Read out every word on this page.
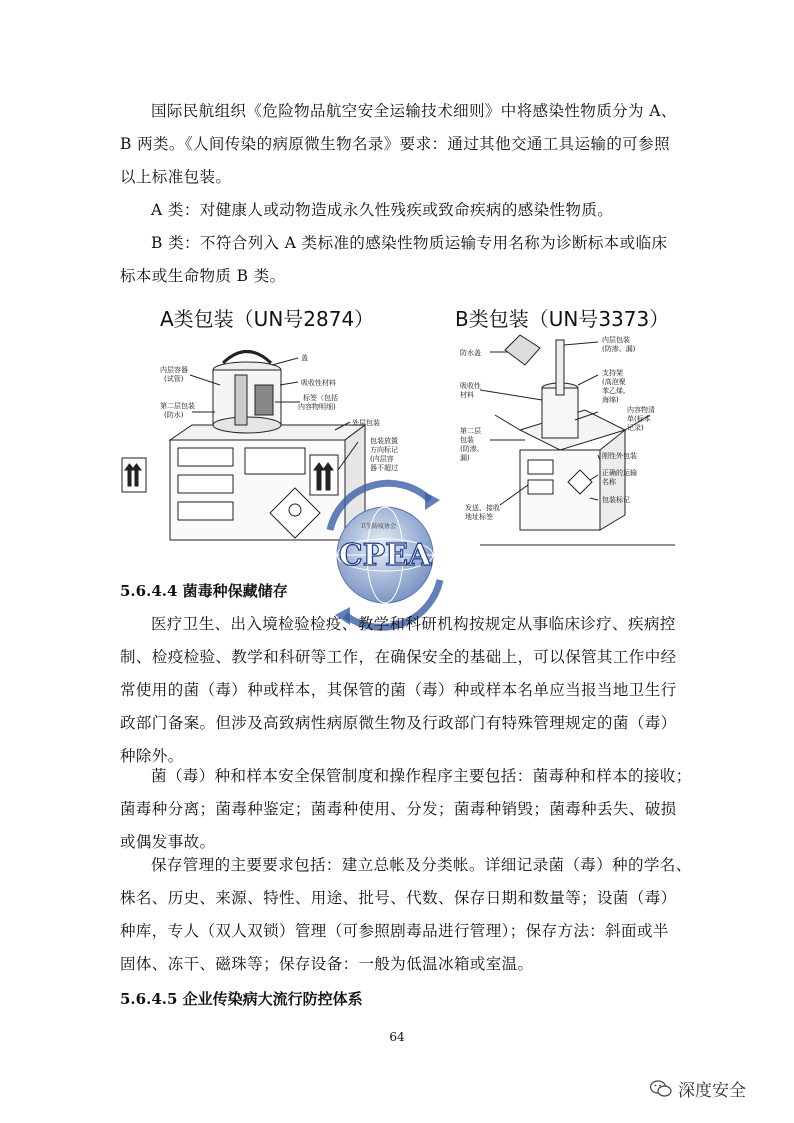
国际民航组织《危险物品航空安全运输技术细则》中将感染性物质分为 A、
B 两类。《人间传染的病原微生物名录》要求：通过其他交通工具运输的可参照
以上标准包装。
A 类：对健康人或动物造成永久性残疾或致命疾病的感染性物质。
B 类：不符合列入 A 类标准的感染性物质运输专用名称为诊断标本或临床
标本或生命物质 B 类。
A类包装（UN号2874）	B类包装（UN号3373）
内层容器
(试管)
盖
吸收性材料
第二层包装
(防水)
标签（包括
内容物明细)
外层包装
包装放置
方向标记
(内层容
器不超过
防水盖
内层包装
(防渗、漏)
支持架
(高泡聚
苯乙烯,
海绵)
吸收性
材料
内容物清
单(标本
记录)
第二层
包装
(防渗、
漏)	刚性外包装
正确的运输
名称
包装标记
发送、接收
地址标签
CPEA
卫生防疫协会
5.6.4.4 菌毒种保藏储存
医疗卫生、出入境检验检疫、教学和科研机构按规定从事临床诊疗、疾病控
制、检疫检验、教学和科研等工作，在确保安全的基础上，可以保管其工作中经
常使用的菌（毒）种或样本，其保管的菌（毒）种或样本名单应当报当地卫生行
政部门备案。但涉及高致病性病原微生物及行政部门有特殊管理规定的菌（毒）
种除外。
菌（毒）种和样本安全保管制度和操作程序主要包括：菌毒种和样本的接收；
菌毒种分离；菌毒种鉴定；菌毒种使用、分发；菌毒种销毁；菌毒种丢失、破损
或偶发事故。
保存管理的主要要求包括：建立总帐及分类帐。详细记录菌（毒）种的学名、
株名、历史、来源、特性、用途、批号、代数、保存日期和数量等；设菌（毒）
种库，专人（双人双锁）管理（可参照剧毒品进行管理）；保存方法：斜面或半
固体、冻干、磁珠等；保存设备：一般为低温冰箱或室温。
5.6.4.5 企业传染病大流行防控体系
64
深度安全
